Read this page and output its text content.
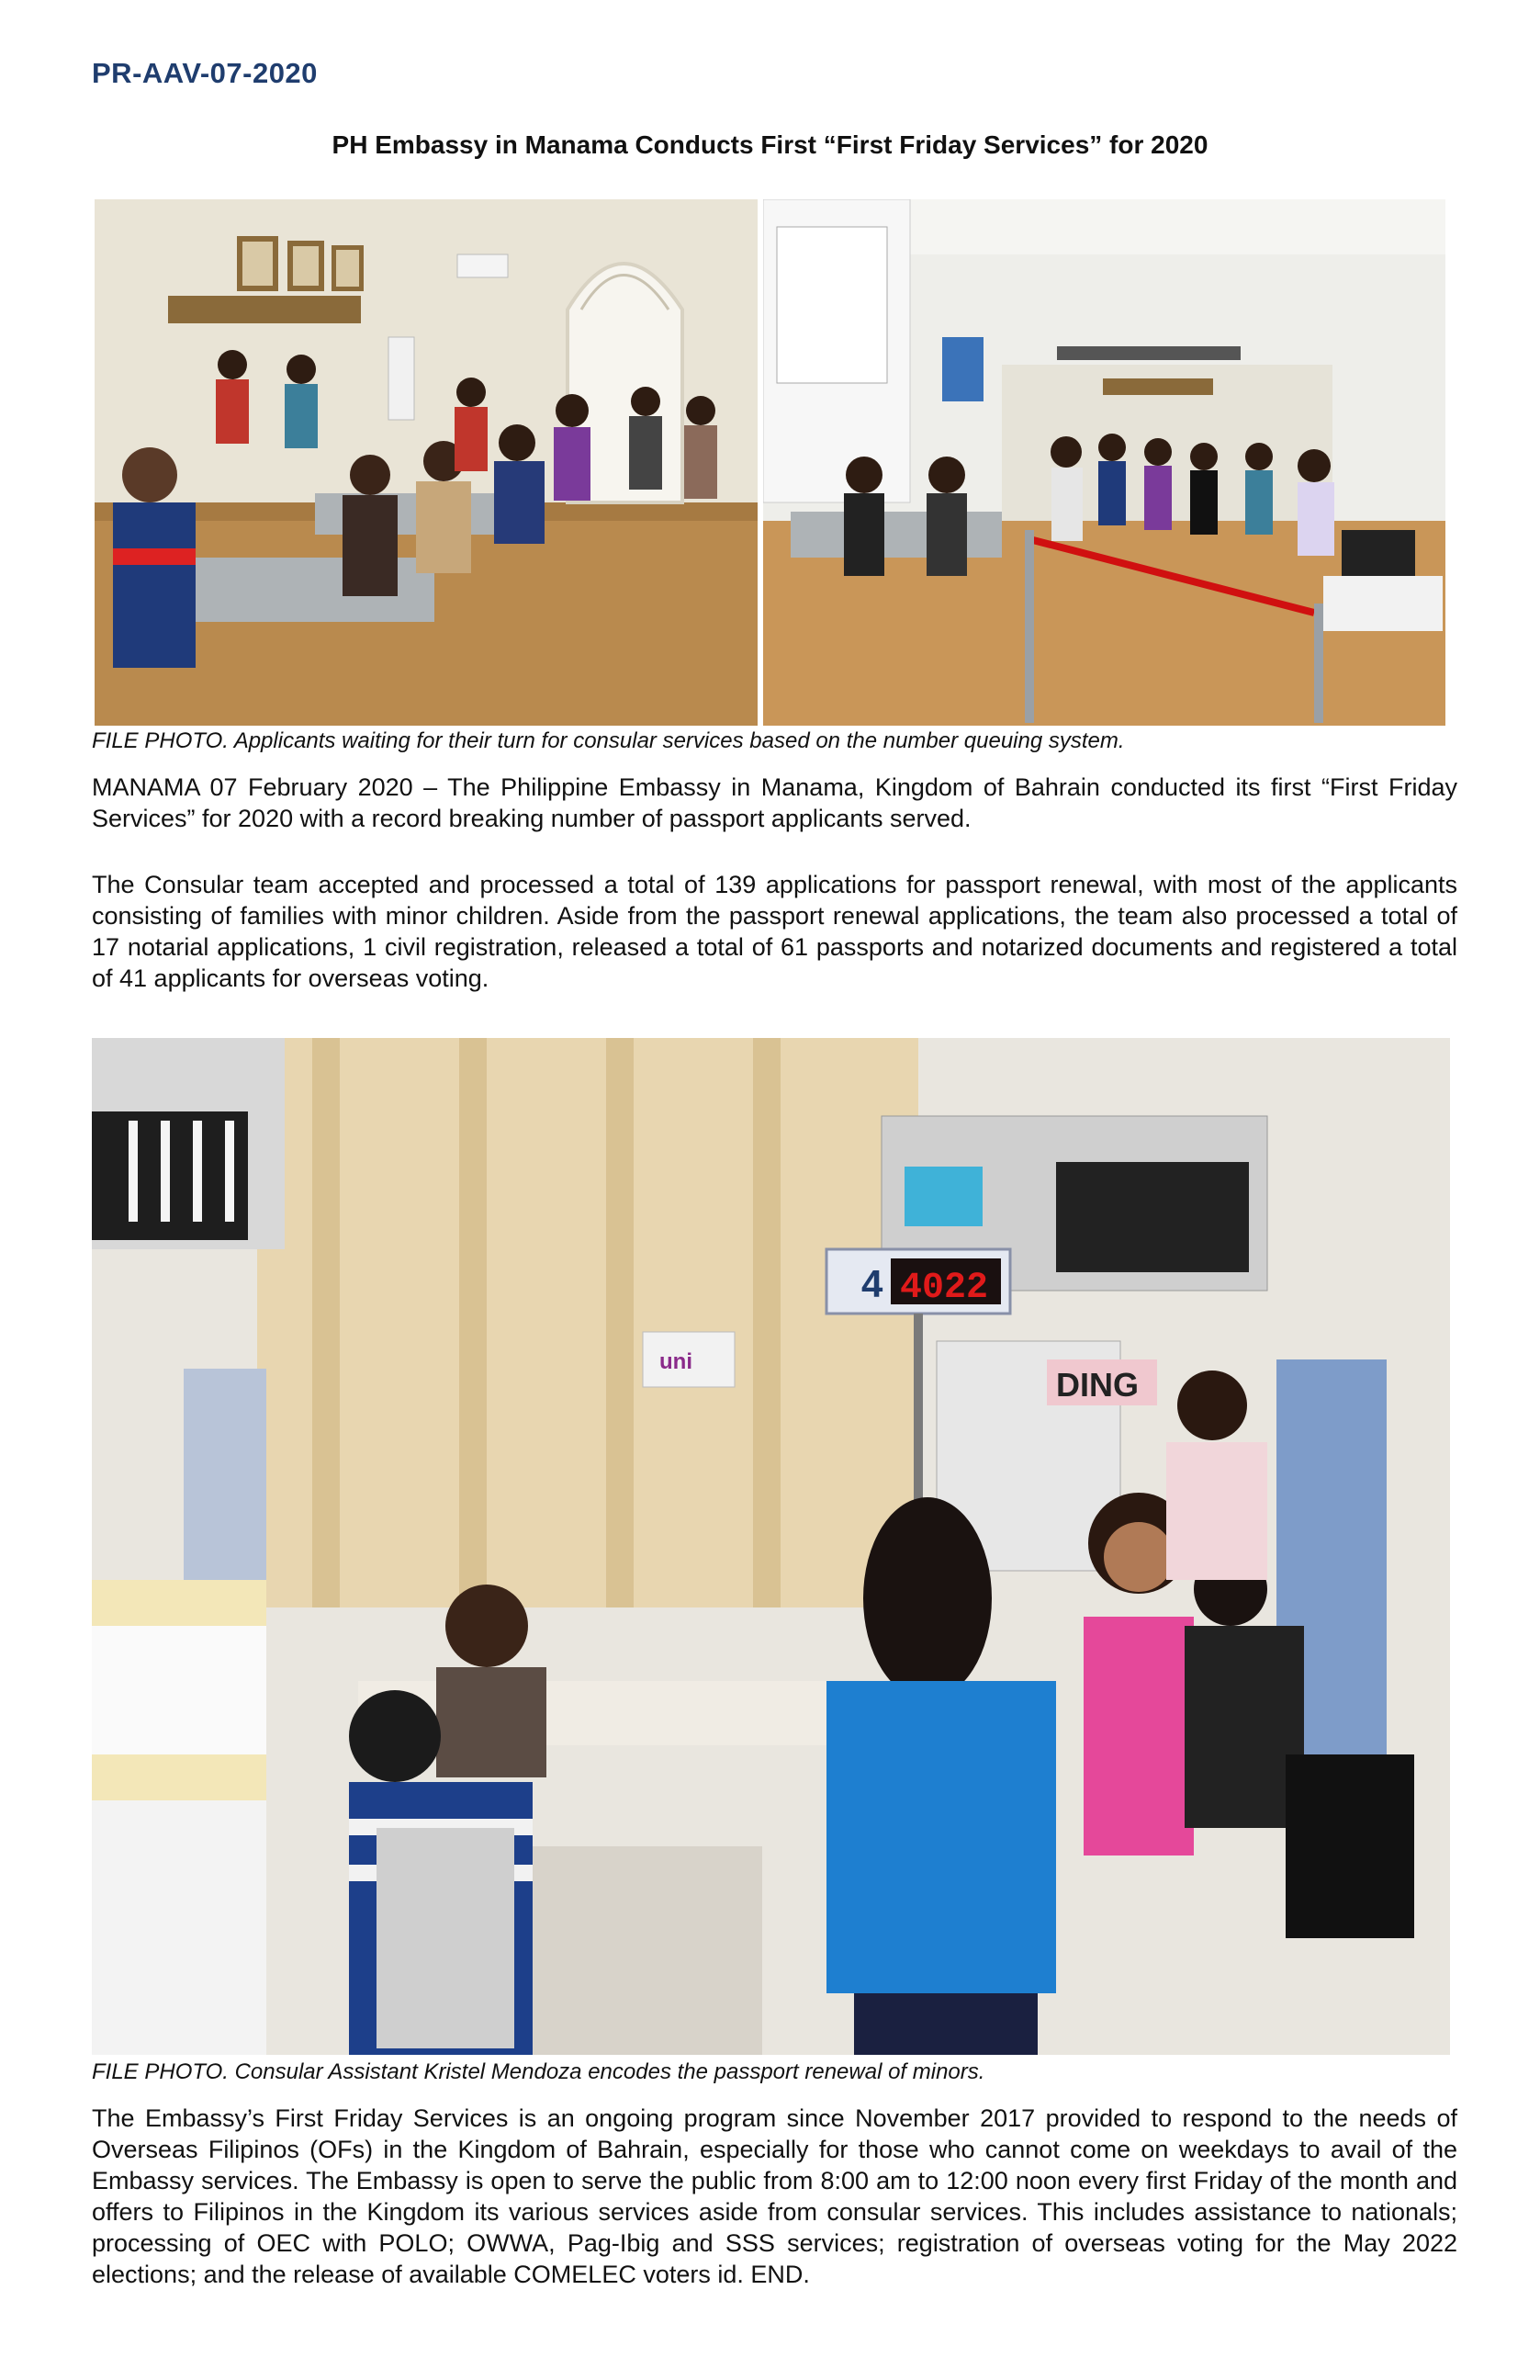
PR-AAV-07-2020
PH Embassy in Manama Conducts First “First Friday Services” for 2020
FILE PHOTO. Applicants waiting for their turn for consular services based on the number queuing system.

MANAMA 07 February 2020 – The Philippine Embassy in Manama, Kingdom of Bahrain conducted its first “First Friday Services” for 2020 with a record breaking number of passport applicants served.

The Consular team accepted and processed a total of 139 applications for passport renewal, with most of the applicants consisting of families with minor children. Aside from the passport renewal applications, the team also processed a total of 17 notarial applications, 1 civil registration, released a total of 61 passports and notarized documents and registered a total of 41 applicants for overseas voting.

4 4022
DING
uni
FILE PHOTO. Consular Assistant Kristel Mendoza encodes the passport renewal of minors.

The Embassy’s First Friday Services is an ongoing program since November 2017 provided to respond to the needs of Overseas Filipinos (OFs) in the Kingdom of Bahrain, especially for those who cannot come on weekdays to avail of the Embassy services. The Embassy is open to serve the public from 8:00 am to 12:00 noon every first Friday of the month and offers to Filipinos in the Kingdom its various services aside from consular services. This includes assistance to nationals; processing of OEC with POLO; OWWA, Pag-Ibig and SSS services; registration of overseas voting for the May 2022 elections; and the release of available COMELEC voters id. END.
